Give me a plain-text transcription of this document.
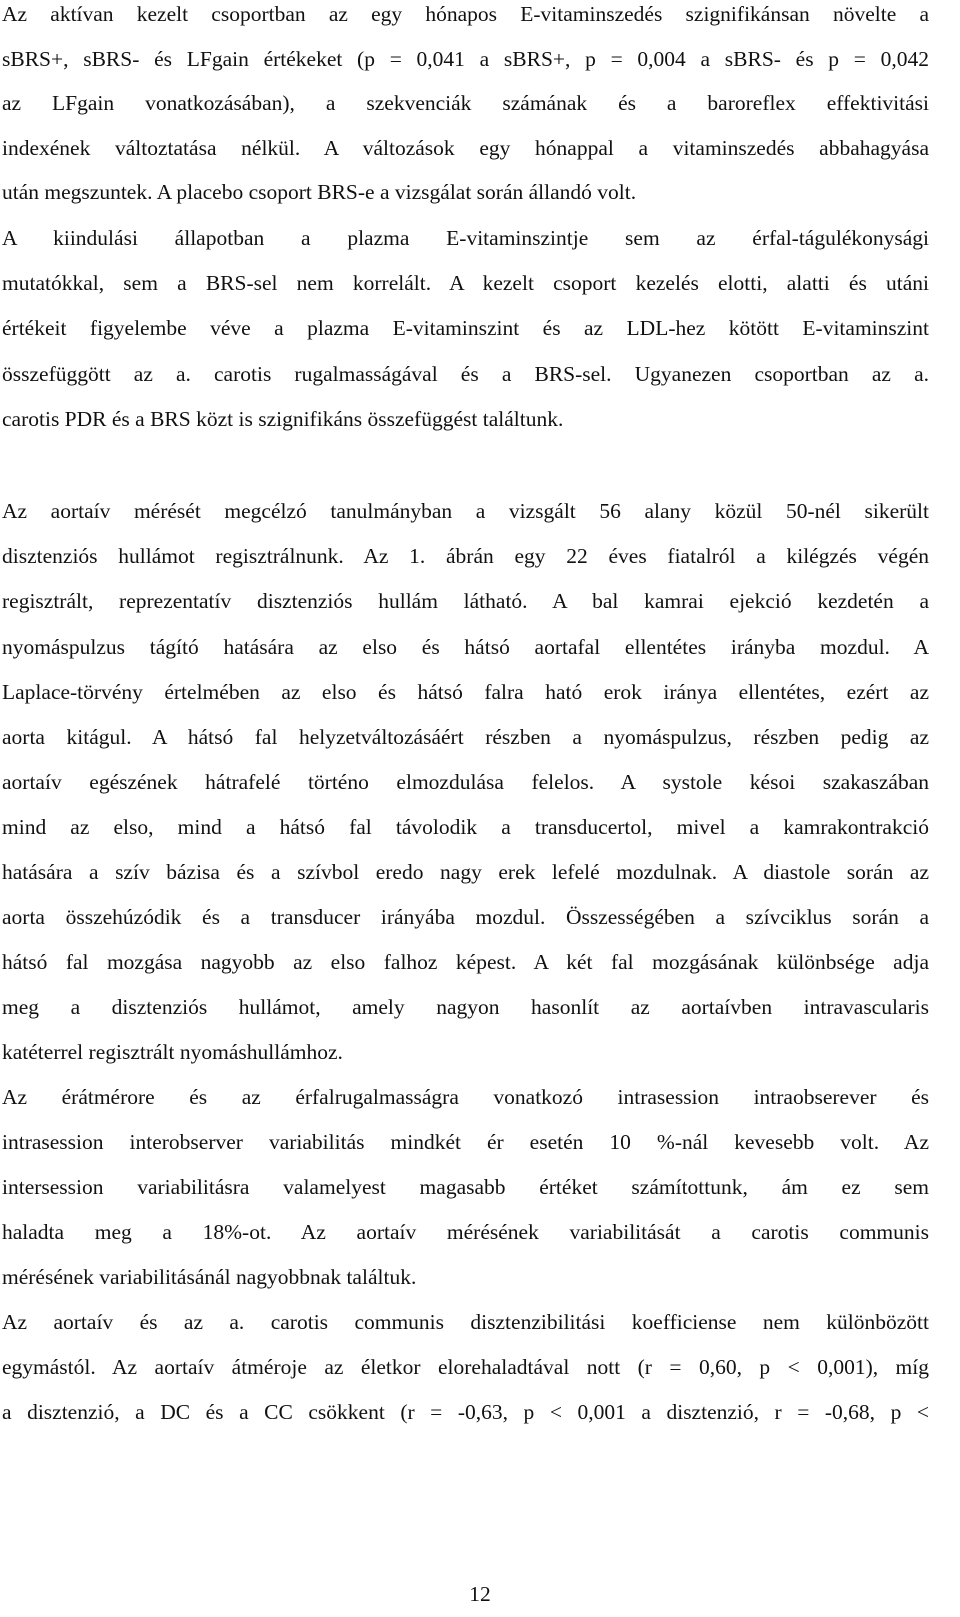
Az aktívan kezelt csoportban az egy hónapos E-vitaminszedés szignifikánsan növelte a
sBRS+, sBRS- és LFgain értékeket (p = 0,041 a sBRS+, p = 0,004 a sBRS- és p = 0,042
az LFgain vonatkozásában), a szekvenciák számának és a baroreflex effektivitási
indexének változtatása nélkül. A változások egy hónappal a vitaminszedés abbahagyása
után megszuntek. A placebo csoport BRS-e a vizsgálat során állandó volt.
A kiindulási állapotban a plazma E-vitaminszintje sem az érfal-tágulékonysági
mutatókkal, sem a BRS-sel nem korrelált. A kezelt csoport kezelés elotti, alatti és utáni
értékeit figyelembe véve a plazma E-vitaminszint és az LDL-hez kötött E-vitaminszint
összefüggött az a. carotis rugalmasságával és a BRS-sel. Ugyanezen csoportban az a.
carotis PDR és a BRS közt is szignifikáns összefüggést találtunk.
Az aortaív mérését megcélzó tanulmányban a vizsgált 56 alany közül 50-nél sikerült
disztenziós hullámot regisztrálnunk. Az 1. ábrán egy 22 éves fiatalról a kilégzés végén
regisztrált, reprezentatív disztenziós hullám látható. A bal kamrai ejekció kezdetén a
nyomáspulzus tágító hatására az elso és hátsó aortafal ellentétes irányba mozdul. A
Laplace-törvény értelmében az elso és hátsó falra ható erok iránya ellentétes, ezért az
aorta kitágul. A hátsó fal helyzetváltozásáért részben a nyomáspulzus, részben pedig az
aortaív egészének hátrafelé történo elmozdulása felelos. A systole késoi szakaszában
mind az elso, mind a hátsó fal távolodik a transducertol, mivel a kamrakontrakció
hatására a szív bázisa és a szívbol eredo nagy erek lefelé mozdulnak. A diastole során az
aorta összehúzódik és a transducer irányába mozdul. Összességében a szívciklus során a
hátsó fal mozgása nagyobb az elso falhoz képest. A két fal mozgásának különbsége adja
meg a disztenziós hullámot, amely nagyon hasonlít az aortaívben intravascularis
katéterrel regisztrált nyomáshullámhoz.
Az érátmérore és az érfalrugalmasságra vonatkozó intrasession intraobserever és
intrasession interobserver variabilitás mindkét ér esetén 10 %-nál kevesebb volt. Az
intersession variabilitásra valamelyest magasabb értéket számítottunk, ám ez sem
haladta meg a 18%-ot. Az aortaív mérésének variabilitását a carotis communis
mérésének variabilitásánál nagyobbnak találtuk.
Az aortaív és az a. carotis communis disztenzibilitási koefficiense nem különbözött
egymástól. Az aortaív átméroje az életkor elorehaladtával nott (r = 0,60, p < 0,001), míg
a disztenzió, a DC és a CC csökkent (r = -0,63, p < 0,001 a disztenzió, r = -0,68, p <
12
